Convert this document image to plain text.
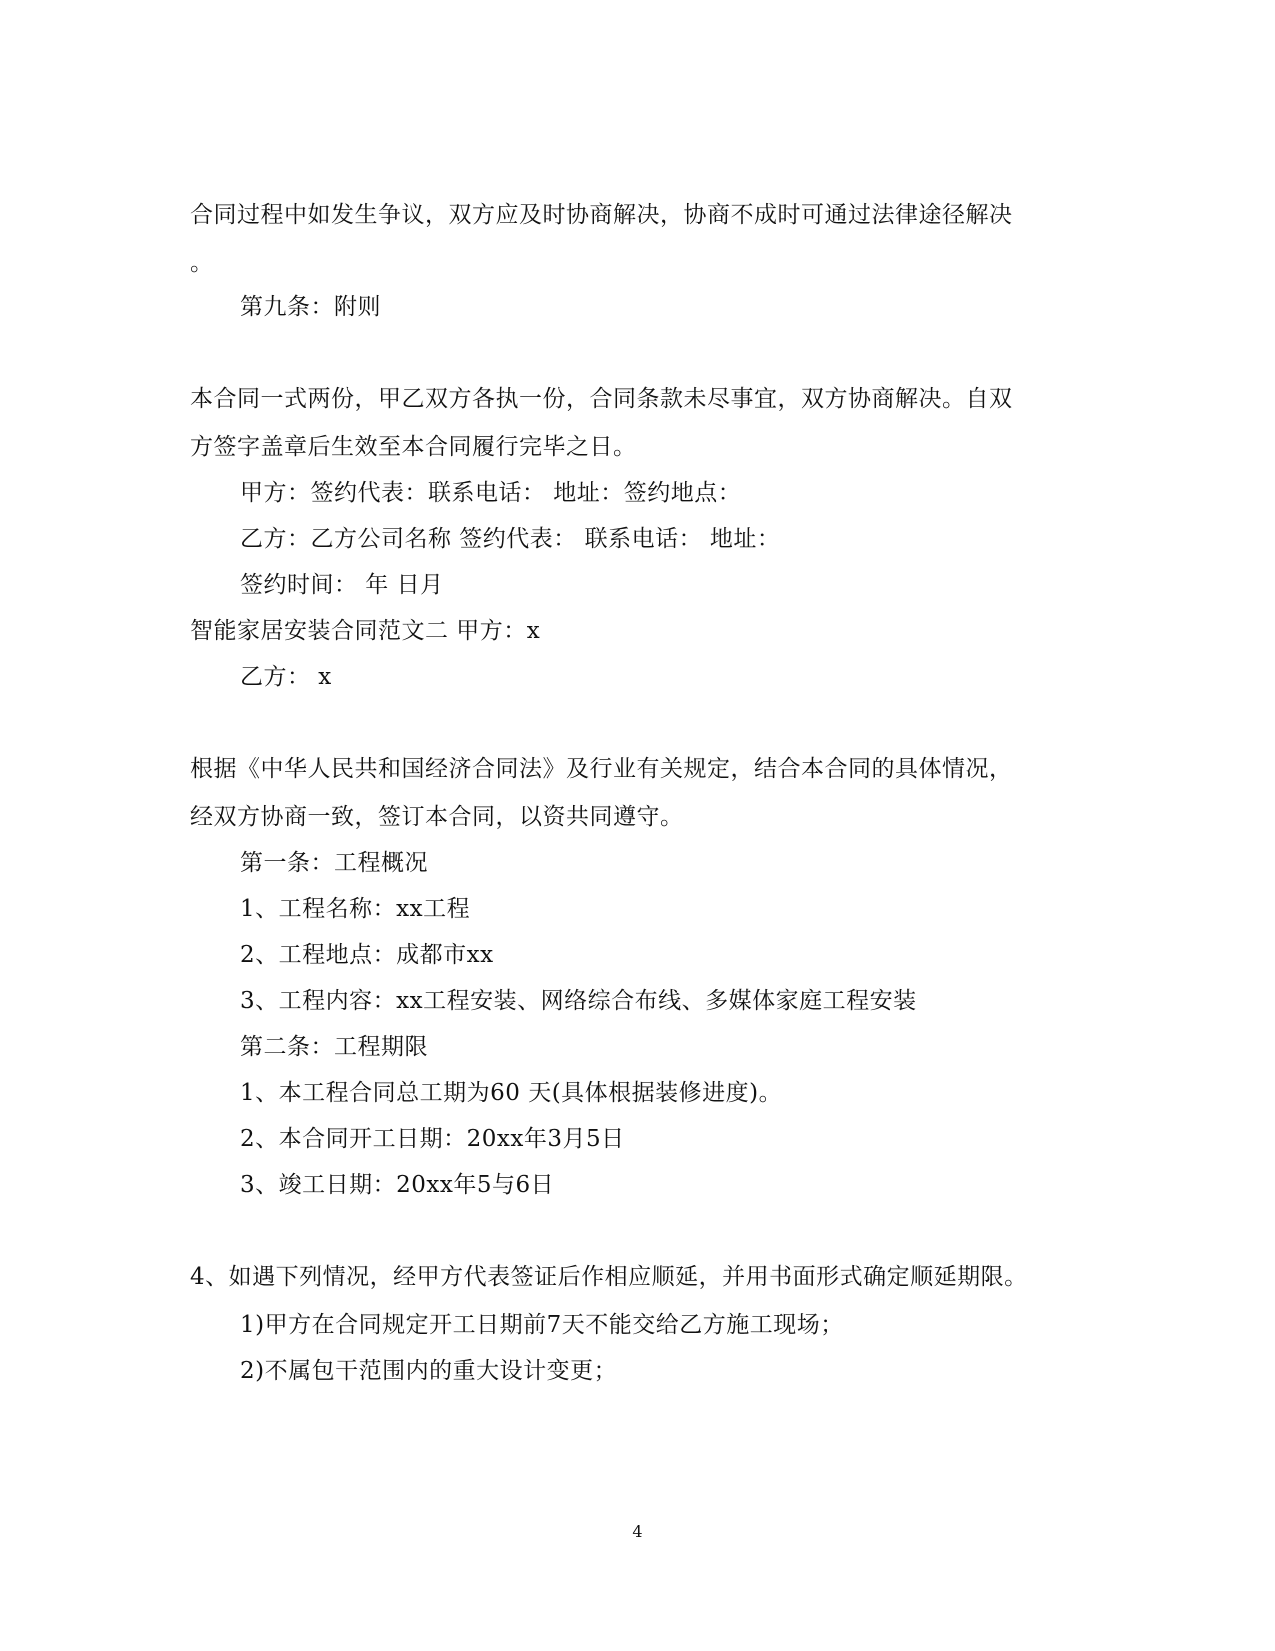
合同过程中如发生争议，双方应及时协商解决，协商不成时可通过法律途径解决
。
第九条：附则
本合同一式两份，甲乙双方各执一份，合同条款未尽事宜，双方协商解决。自双
方签字盖章后生效至本合同履行完毕之日。
甲方：签约代表：联系电话： 地址：签约地点：
乙方：乙方公司名称 签约代表： 联系电话： 地址：
签约时间： 年 日月
智能家居安装合同范文二 甲方：x
乙方： x
根据《中华人民共和国经济合同法》及行业有关规定，结合本合同的具体情况，
经双方协商一致，签订本合同，以资共同遵守。
第一条：工程概况
1、工程名称：xx工程
2、工程地点：成都市xx
3、工程内容：xx工程安装、网络综合布线、多媒体家庭工程安装
第二条：工程期限
1、本工程合同总工期为60 天(具体根据装修进度)。
2、本合同开工日期：20xx年3月5日
3、竣工日期：20xx年5与6日
4、如遇下列情况，经甲方代表签证后作相应顺延，并用书面形式确定顺延期限。
1)甲方在合同规定开工日期前7天不能交给乙方施工现场；
2)不属包干范围内的重大设计变更；
4
